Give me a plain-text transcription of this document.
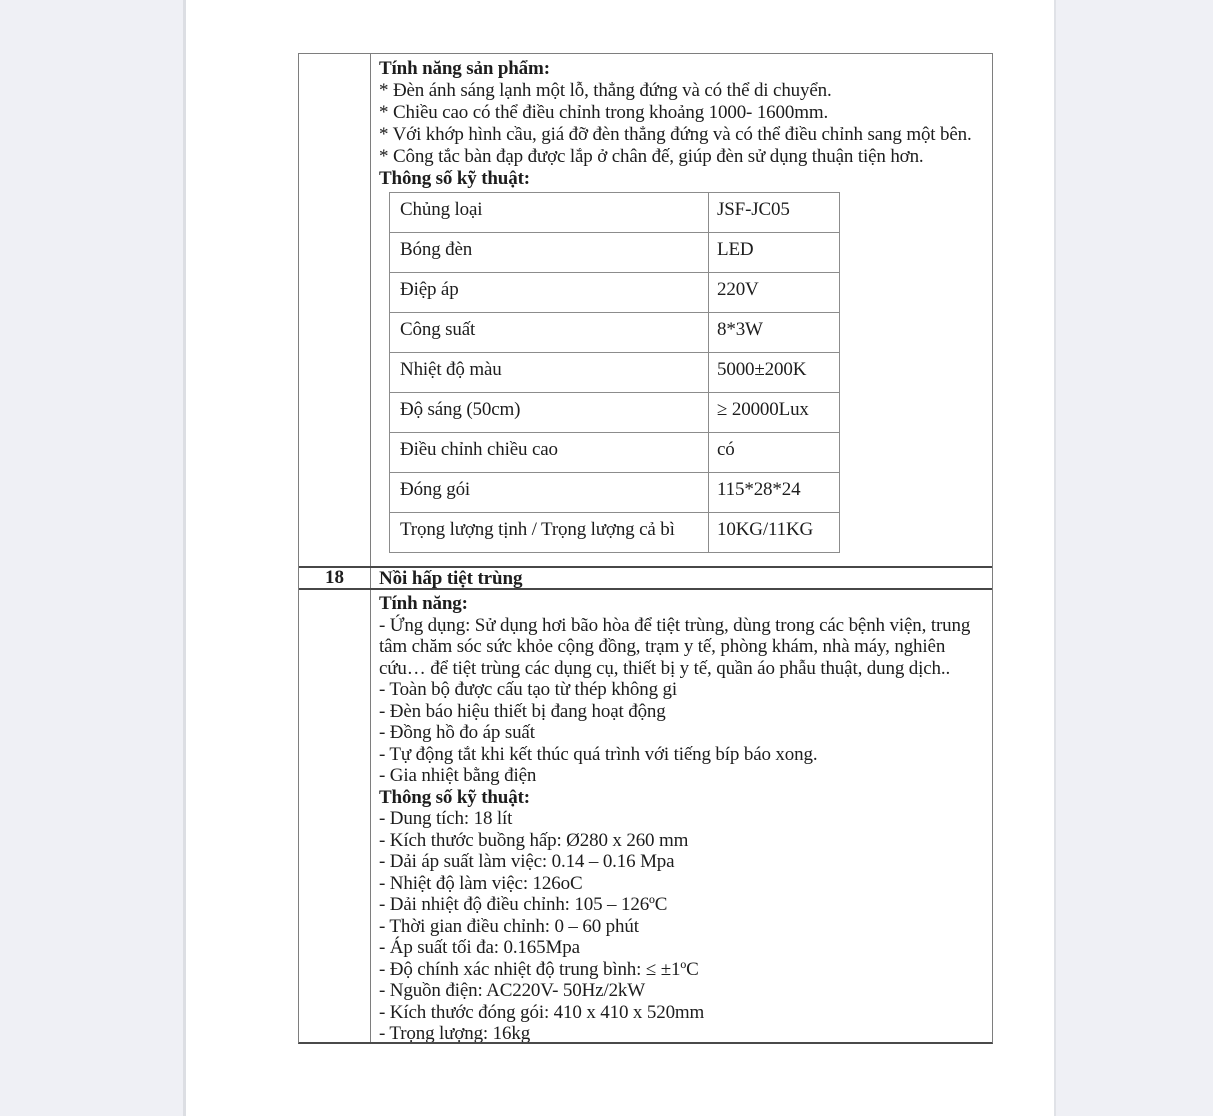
Tính năng sản phẩm:
* Đèn ánh sáng lạnh một lỗ, thẳng đứng và có thể di chuyển.
* Chiều cao có thể điều chỉnh trong khoảng 1000- 1600mm.
* Với khớp hình cầu, giá đỡ đèn thẳng đứng và có thể điều chỉnh sang một bên.
* Công tắc bàn đạp được lắp ở chân đế, giúp đèn sử dụng thuận tiện hơn.
Thông số kỹ thuật:
Chủng loại	JSF-JC05
Bóng đèn	LED
Điệp áp	220V
Công suất	8*3W
Nhiệt độ màu	5000±200K
Độ sáng (50cm)	≥ 20000Lux
Điều chỉnh chiều cao	có
Đóng gói	115*28*24
Trọng lượng tịnh / Trọng lượng cả bì	10KG/11KG
18	Nồi hấp tiệt trùng
Tính năng:
- Ứng dụng: Sử dụng hơi bão hòa để tiệt trùng, dùng trong các bệnh viện, trung
tâm chăm sóc sức khỏe cộng đồng, trạm y tế, phòng khám, nhà máy, nghiên
cứu… để tiệt trùng các dụng cụ, thiết bị y tế, quần áo phẫu thuật, dung dịch..
- Toàn bộ được cấu tạo từ thép không gi
- Đèn báo hiệu thiết bị đang hoạt động
- Đồng hồ đo áp suất
- Tự động tắt khi kết thúc quá trình với tiếng bíp báo xong.
- Gia nhiệt bằng điện
Thông số kỹ thuật:
- Dung tích: 18 lít
- Kích thước buồng hấp: Ø280 x 260 mm
- Dải áp suất làm việc: 0.14 – 0.16 Mpa
- Nhiệt độ làm việc: 126oC
- Dải nhiệt độ điều chỉnh: 105 – 126ºC
- Thời gian điều chỉnh: 0 – 60 phút
- Áp suất tối đa: 0.165Mpa
- Độ chính xác nhiệt độ trung bình: ≤ ±1ºC
- Nguồn điện: AC220V- 50Hz/2kW
- Kích thước đóng gói: 410 x 410 x 520mm
- Trọng lượng: 16kg
